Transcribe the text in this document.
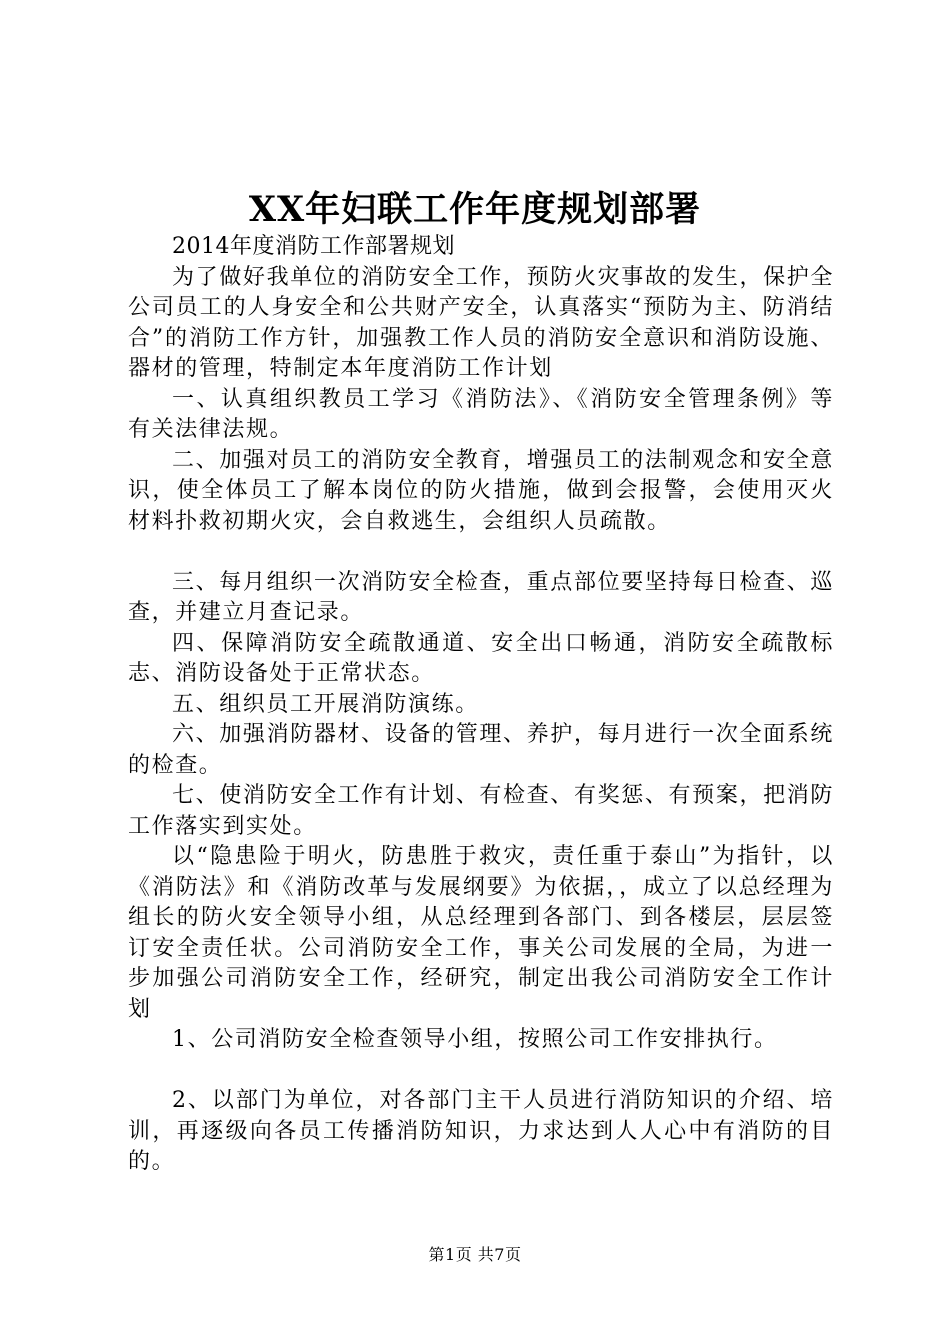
XX年妇联工作年度规划部署

2014年度消防工作部署规划

为了做好我单位的消防安全工作，预防火灾事故的发生，保护全公司员工的人身安全和公共财产安全，认真落实“预防为主、防消结合”的消防工作方针，加强教工作人员的消防安全意识和消防设施、器材的管理，特制定本年度消防工作计划

一、认真组织教员工学习《消防法》、《消防安全管理条例》等有关法律法规。

二、加强对员工的消防安全教育，增强员工的法制观念和安全意识，使全体员工了解本岗位的防火措施，做到会报警，会使用灭火材料扑救初期火灾，会自救逃生，会组织人员疏散。

三、每月组织一次消防安全检查，重点部位要坚持每日检查、巡查，并建立月查记录。

四、保障消防安全疏散通道、安全出口畅通，消防安全疏散标志、消防设备处于正常状态。

五、组织员工开展消防演练。

六、加强消防器材、设备的管理、养护，每月进行一次全面系统的检查。

七、使消防安全工作有计划、有检查、有奖惩、有预案，把消防工作落实到实处。

以“隐患险于明火，防患胜于救灾，责任重于泰山”为指针，以《消防法》和《消防改革与发展纲要》为依据，，成立了以总经理为组长的防火安全领导小组，从总经理到各部门、到各楼层，层层签订安全责任状。公司消防安全工作，事关公司发展的全局，为进一步加强公司消防安全工作，经研究，制定出我公司消防安全工作计划

1、公司消防安全检查领导小组，按照公司工作安排执行。

2、以部门为单位，对各部门主干人员进行消防知识的介绍、培训，再逐级向各员工传播消防知识，力求达到人人心中有消防的目的。

第1页 共7页
